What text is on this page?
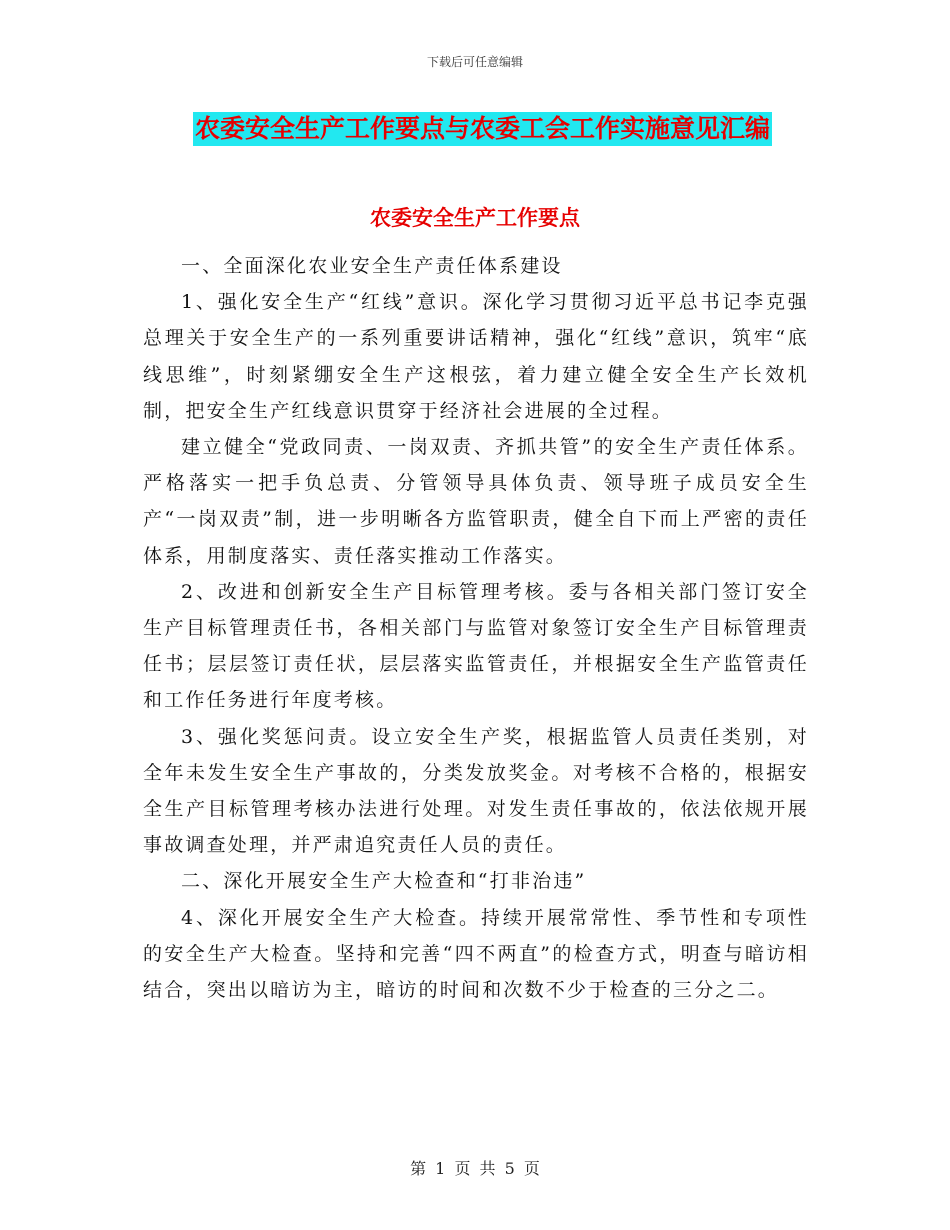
下载后可任意编辑
农委安全生产工作要点与农委工会工作实施意见汇编
农委安全生产工作要点

一、全面深化农业安全生产责任体系建设

1、强化安全生产“红线”意识。深化学习贯彻习近平总书记李克强总理关于安全生产的一系列重要讲话精神，强化“红线”意识，筑牢“底线思维”，时刻紧绷安全生产这根弦，着力建立健全安全生产长效机制，把安全生产红线意识贯穿于经济社会进展的全过程。

建立健全“党政同责、一岗双责、齐抓共管”的安全生产责任体系。严格落实一把手负总责、分管领导具体负责、领导班子成员安全生产“一岗双责”制，进一步明晰各方监管职责，健全自下而上严密的责任体系，用制度落实、责任落实推动工作落实。

2、改进和创新安全生产目标管理考核。委与各相关部门签订安全生产目标管理责任书，各相关部门与监管对象签订安全生产目标管理责任书；层层签订责任状，层层落实监管责任，并根据安全生产监管责任和工作任务进行年度考核。

3、强化奖惩问责。设立安全生产奖，根据监管人员责任类别，对全年未发生安全生产事故的，分类发放奖金。对考核不合格的，根据安全生产目标管理考核办法进行处理。对发生责任事故的，依法依规开展事故调查处理，并严肃追究责任人员的责任。

二、深化开展安全生产大检查和“打非治违”

4、深化开展安全生产大检查。持续开展常常性、季节性和专项性的安全生产大检查。坚持和完善“四不两直”的检查方式，明查与暗访相结合，突出以暗访为主，暗访的时间和次数不少于检查的三分之二。

第 1 页 共 5 页
